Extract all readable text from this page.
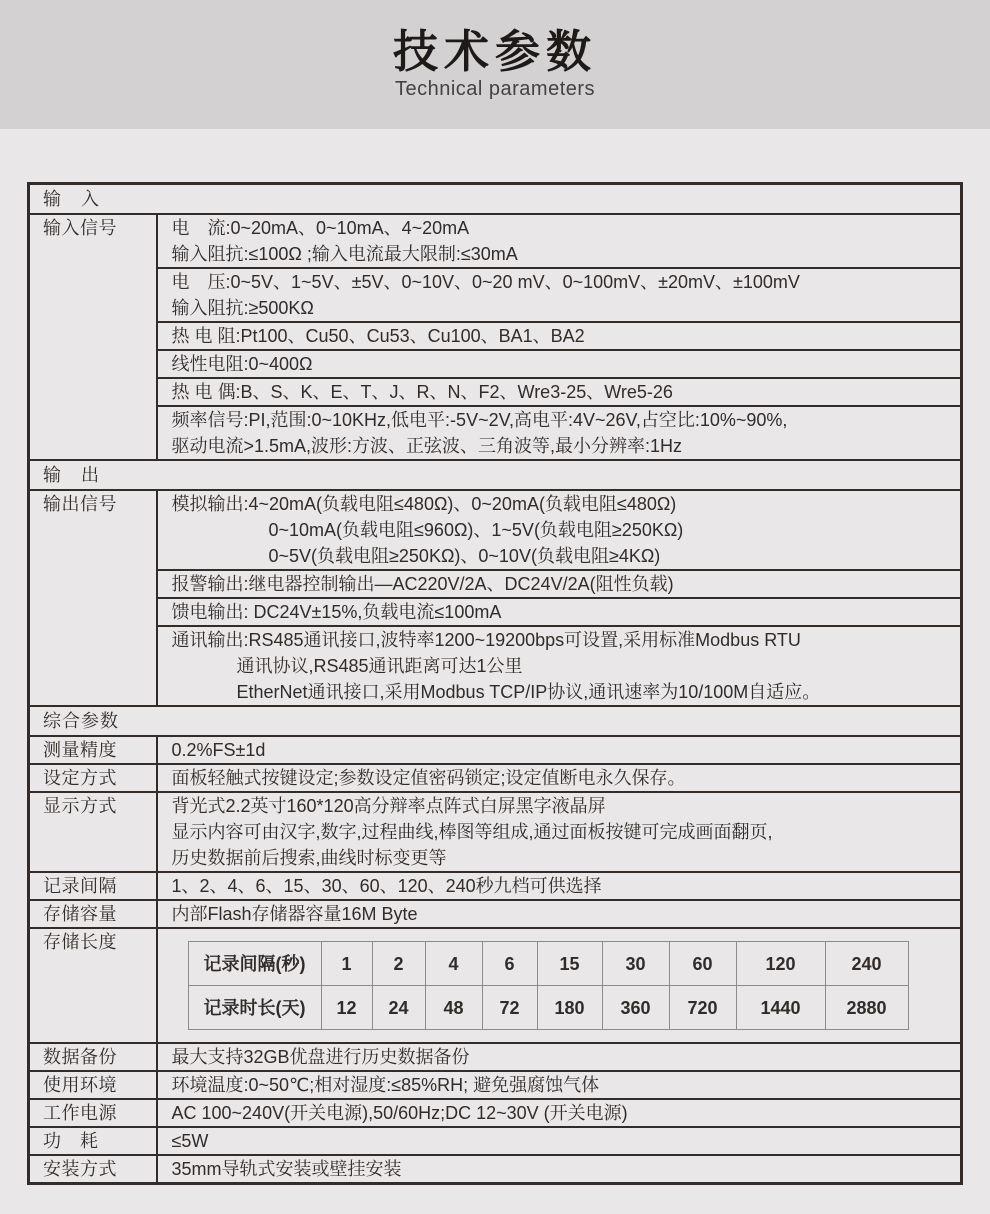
技术参数
Technical parameters
输　入
输入信号	电　流:0~20mA、0~10mA、4~20mA
输入阻抗:≤100Ω ;输入电流最大限制:≤30mA

电　压:0~5V、1~5V、±5V、0~10V、0~20 mV、0~100mV、±20mV、±100mV
输入阻抗:≥500KΩ

热 电 阻:Pt100、Cu50、Cu53、Cu100、BA1、BA2

线性电阻:0~400Ω

热 电 偶:B、S、K、E、T、J、R、N、F2、Wre3-25、Wre5-26

频率信号:PI,范围:0~10KHz,低电平:-5V~2V,高电平:4V~26V,占空比:10%~90%,
驱动电流>1.5mA,波形:方波、正弦波、三角波等,最小分辨率:1Hz

输　出
输出信号	模拟输出:4~20mA(负载电阻≤480Ω)、0~20mA(负载电阻≤480Ω)
0~10mA(负载电阻≤960Ω)、1~5V(负载电阻≥250KΩ)
0~5V(负载电阻≥250KΩ)、0~10V(负载电阻≥4KΩ)

报警输出:继电器控制输出—AC220V/2A、DC24V/2A(阻性负载)

馈电输出: DC24V±15%,负载电流≤100mA

通讯输出:RS485通讯接口,波特率1200~19200bps可设置,采用标准Modbus RTU
通讯协议,RS485通讯距离可达1公里
EtherNet通讯接口,采用Modbus TCP/IP协议,通讯速率为10/100M自适应。

综合参数
测量精度	0.2%FS±1d

设定方式	面板轻触式按键设定;参数设定值密码锁定;设定值断电永久保存。

显示方式	背光式2.2英寸160*120高分辩率点阵式白屏黑字液晶屏
显示内容可由汉字,数字,过程曲线,棒图等组成,通过面板按键可完成画面翻页,
历史数据前后搜索,曲线时标变更等

记录间隔	1、2、4、6、15、30、60、120、240秒九档可供选择

存储容量	内部Flash存储器容量16M Byte

存储长度	
记录间隔(秒)	1	2	4	6	15	30	60	120	240
记录时长(天)	12	24	48	72	180	360	720	1440	2880

数据备份	最大支持32GB优盘进行历史数据备份

使用环境	环境温度:0~50℃;相对湿度:≤85%RH; 避免强腐蚀气体

工作电源	AC 100~240V(开关电源),50/60Hz;DC 12~30V (开关电源)

功　耗	≤5W

安装方式	35mm导轨式安装或壁挂安装
